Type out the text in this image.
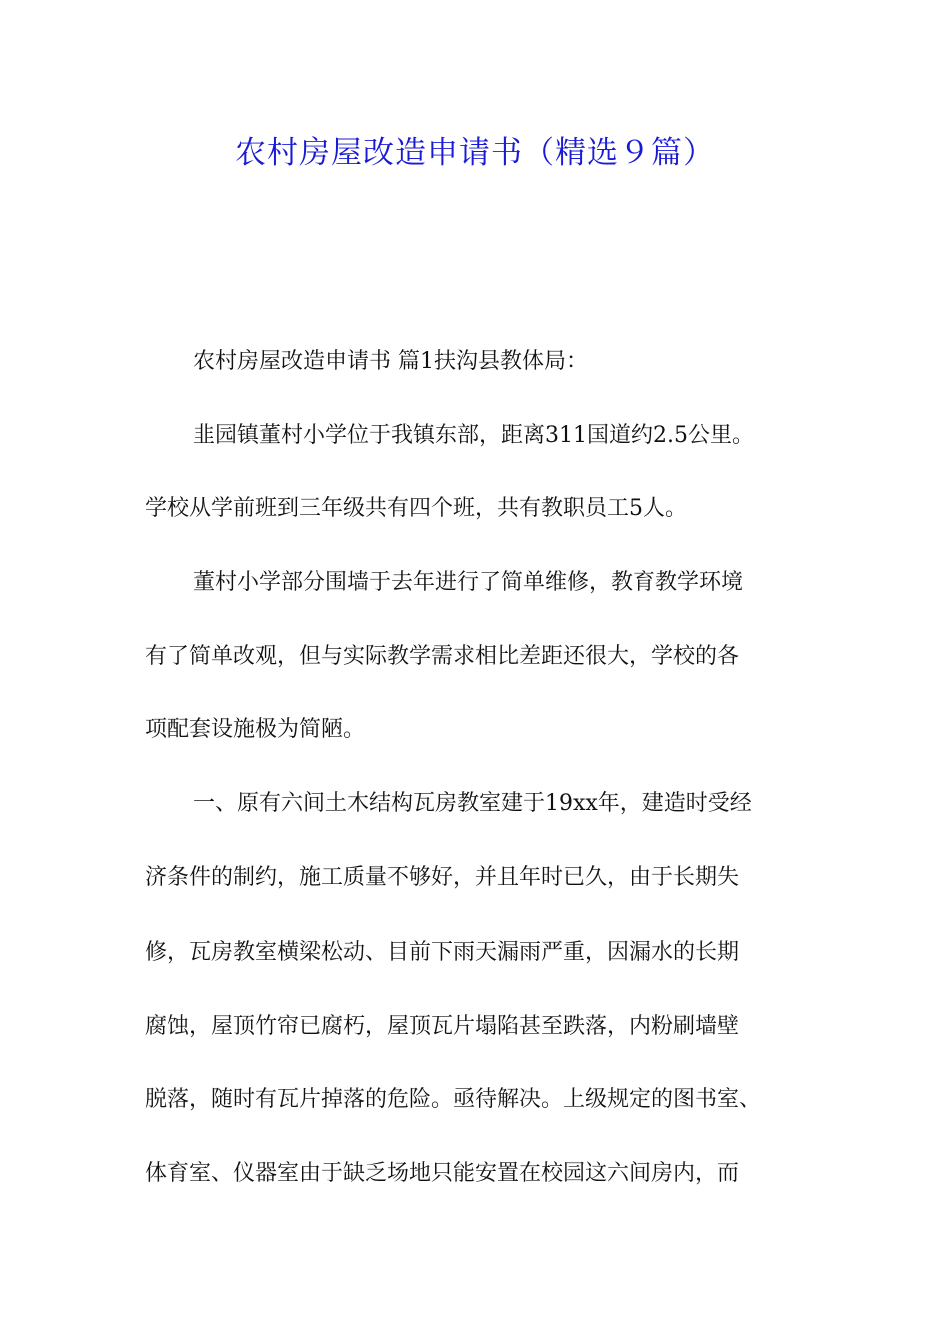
农村房屋改造申请书（精选９篇）
农村房屋改造申请书 篇1扶沟县教体局：
韭园镇董村小学位于我镇东部，距离311国道约2.5公里。
学校从学前班到三年级共有四个班，共有教职员工5人。
董村小学部分围墙于去年进行了简单维修，教育教学环境
有了简单改观，但与实际教学需求相比差距还很大，学校的各
项配套设施极为简陋。
一、原有六间土木结构瓦房教室建于19xx年，建造时受经
济条件的制约，施工质量不够好，并且年时已久，由于长期失
修，瓦房教室横梁松动、目前下雨天漏雨严重，因漏水的长期
腐蚀，屋顶竹帘已腐朽，屋顶瓦片塌陷甚至跌落，内粉刷墙壁
脱落，随时有瓦片掉落的危险。亟待解决。上级规定的图书室、
体育室、仪器室由于缺乏场地只能安置在校园这六间房内，而
